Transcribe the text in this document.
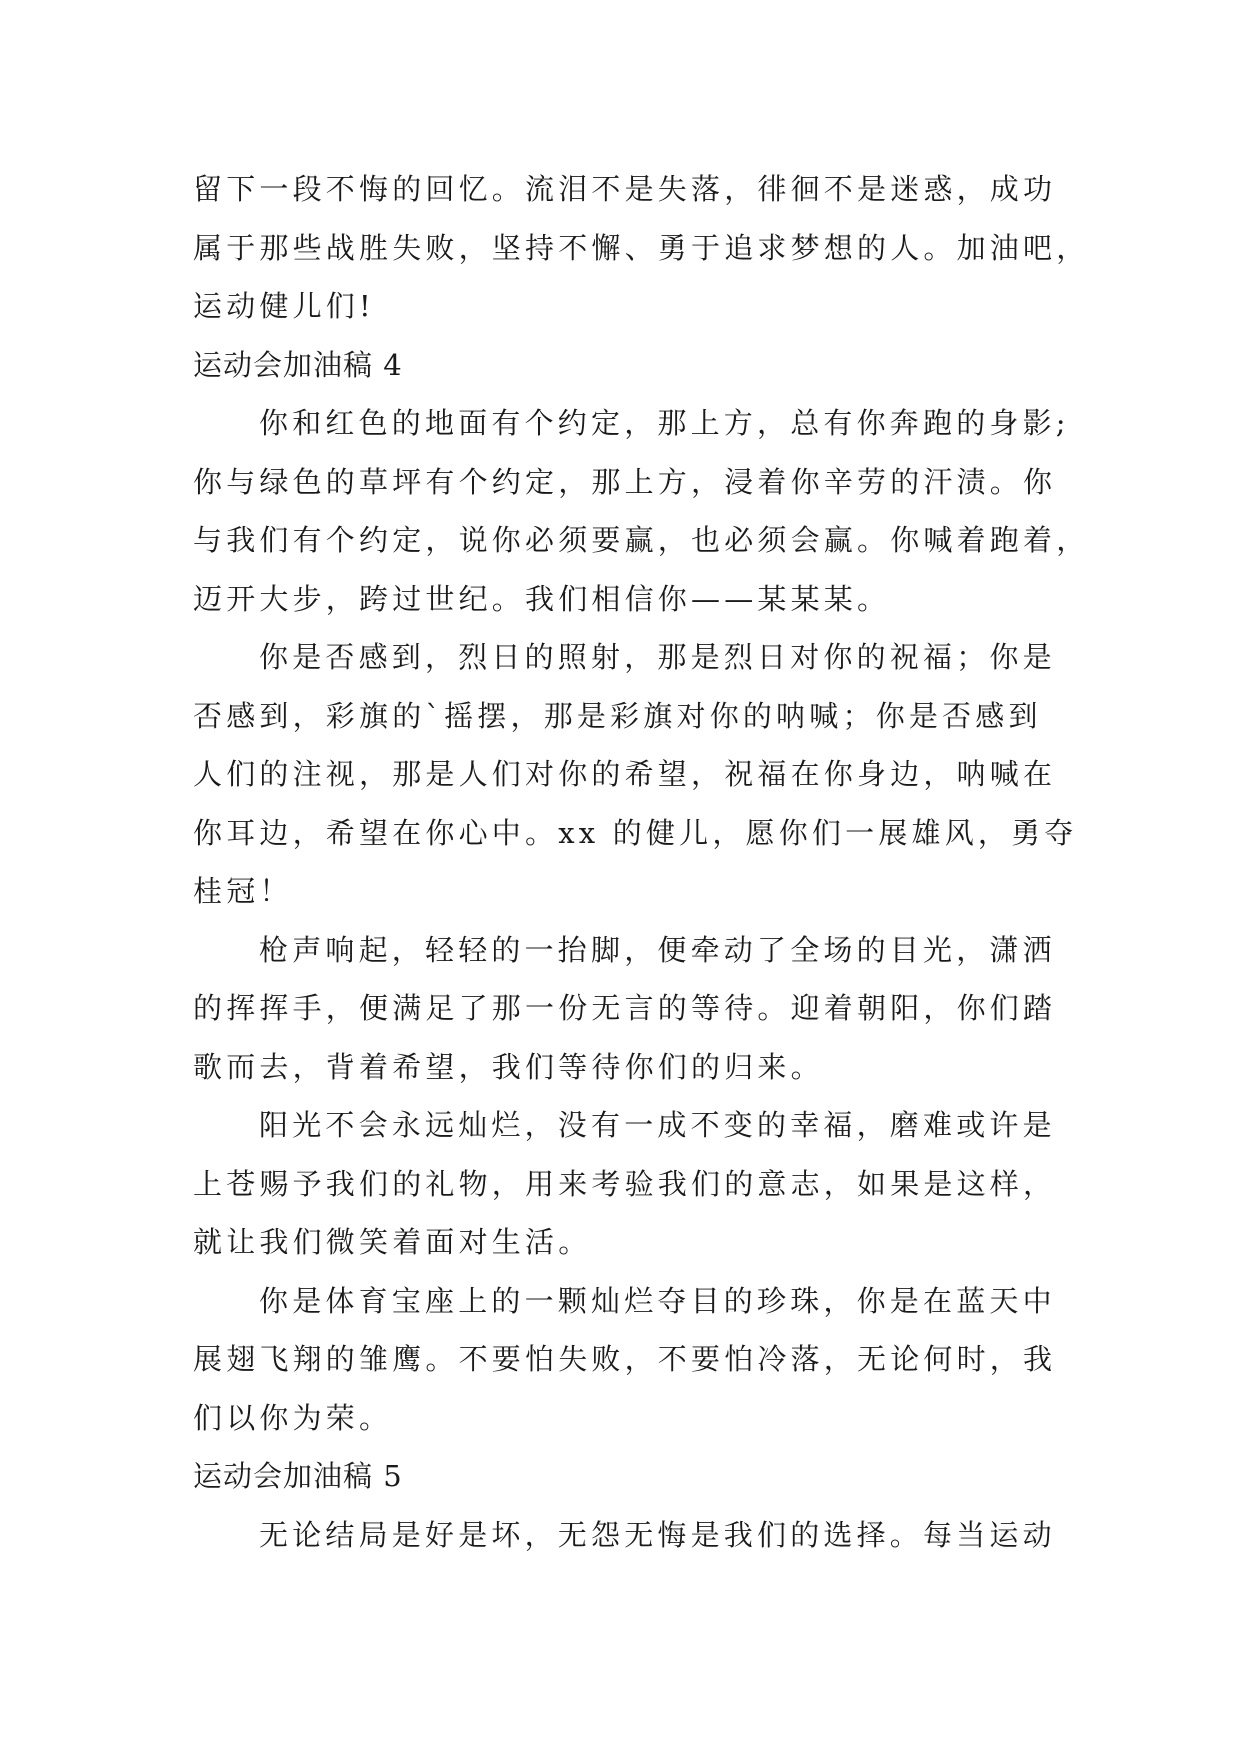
留下一段不悔的回忆。流泪不是失落，徘徊不是迷惑，成功
属于那些战胜失败，坚持不懈、勇于追求梦想的人。加油吧，
运动健儿们!
运动会加油稿 4
你和红色的地面有个约定，那上方，总有你奔跑的身影;
你与绿色的草坪有个约定，那上方，浸着你辛劳的汗渍。你
与我们有个约定，说你必须要赢，也必须会赢。你喊着跑着，
迈开大步，跨过世纪。我们相信你——某某某。
你是否感到，烈日的照射，那是烈日对你的祝福；你是
否感到，彩旗的`摇摆，那是彩旗对你的呐喊；你是否感到
人们的注视，那是人们对你的希望，祝福在你身边，呐喊在
你耳边，希望在你心中。xx 的健儿，愿你们一展雄风，勇夺
桂冠！
枪声响起，轻轻的一抬脚，便牵动了全场的目光，潇洒
的挥挥手，便满足了那一份无言的等待。迎着朝阳，你们踏
歌而去，背着希望，我们等待你们的归来。
阳光不会永远灿烂，没有一成不变的幸福，磨难或许是
上苍赐予我们的礼物，用来考验我们的意志，如果是这样，
就让我们微笑着面对生活。
你是体育宝座上的一颗灿烂夺目的珍珠，你是在蓝天中
展翅飞翔的雏鹰。不要怕失败，不要怕冷落，无论何时，我
们以你为荣。
运动会加油稿 5
无论结局是好是坏，无怨无悔是我们的选择。每当运动
